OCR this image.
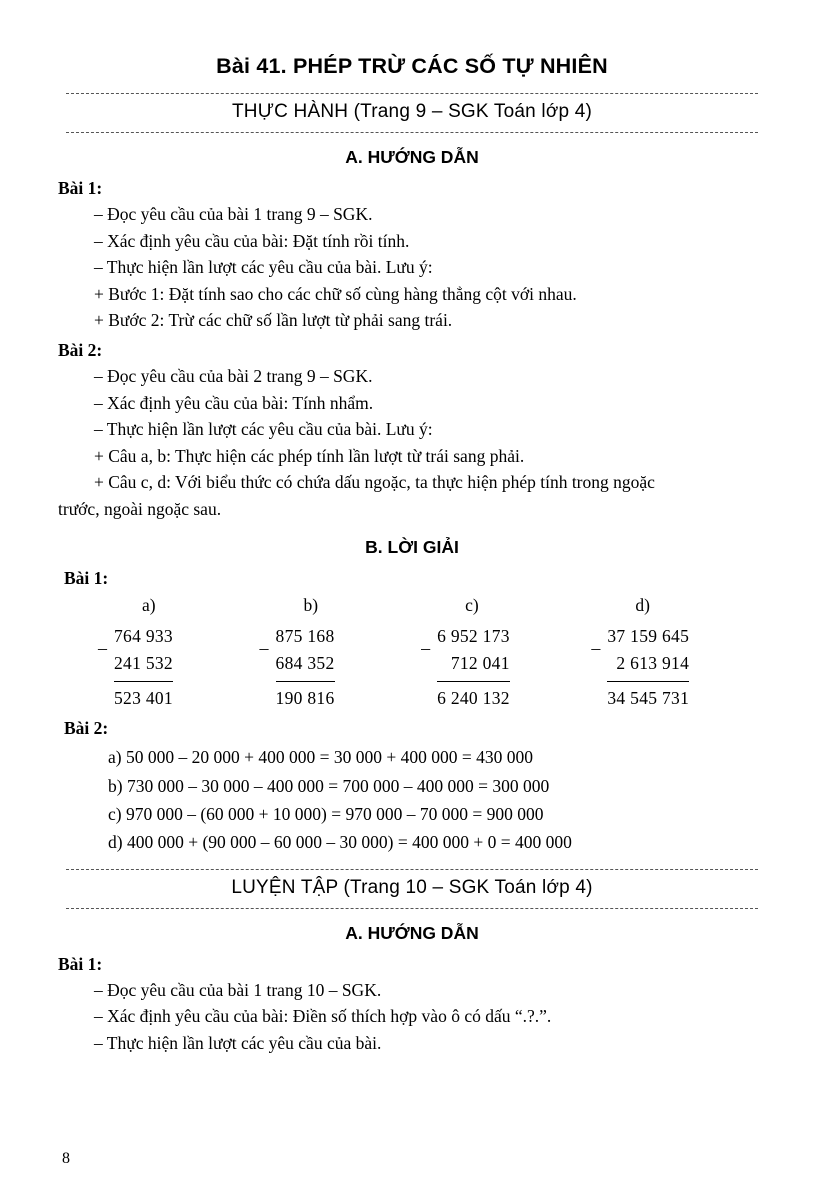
Bài 41. PHÉP TRỪ CÁC SỐ TỰ NHIÊN
THỰC HÀNH (Trang 9 – SGK Toán lớp 4)
A. HƯỚNG DẪN
Bài 1:
– Đọc yêu cầu của bài 1 trang 9 – SGK.
– Xác định yêu cầu của bài: Đặt tính rồi tính.
– Thực hiện lần lượt các yêu cầu của bài. Lưu ý:
+ Bước 1: Đặt tính sao cho các chữ số cùng hàng thẳng cột với nhau.
+ Bước 2: Trừ các chữ số lần lượt từ phải sang trái.
Bài 2:
– Đọc yêu cầu của bài 2 trang 9 – SGK.
– Xác định yêu cầu của bài: Tính nhẩm.
– Thực hiện lần lượt các yêu cầu của bài. Lưu ý:
+ Câu a, b: Thực hiện các phép tính lần lượt từ trái sang phải.
+ Câu c, d: Với biểu thức có chứa dấu ngoặc, ta thực hiện phép tính trong ngoặc
trước, ngoài ngoặc sau.
B. LỜI GIẢI
Bài 1:
a)
–
764 933
241 532
523 401
b)
–
875 168
684 352
190 816
c)
–
6 952 173
712 041
6 240 132
d)
–
37 159 645
2 613 914
34 545 731
Bài 2:
a) 50 000 – 20 000 + 400 000 = 30 000 + 400 000 = 430 000
b) 730 000 – 30 000 – 400 000 = 700 000 – 400 000 = 300 000
c) 970 000 – (60 000 + 10 000) = 970 000 – 70 000 = 900 000
d) 400 000 + (90 000 – 60 000 – 30 000) = 400 000 + 0 = 400 000
LUYỆN TẬP (Trang 10 – SGK Toán lớp 4)
A. HƯỚNG DẪN
Bài 1:
– Đọc yêu cầu của bài 1 trang 10 – SGK.
– Xác định yêu cầu của bài: Điền số thích hợp vào ô có dấu “.?.”.
– Thực hiện lần lượt các yêu cầu của bài.
8
